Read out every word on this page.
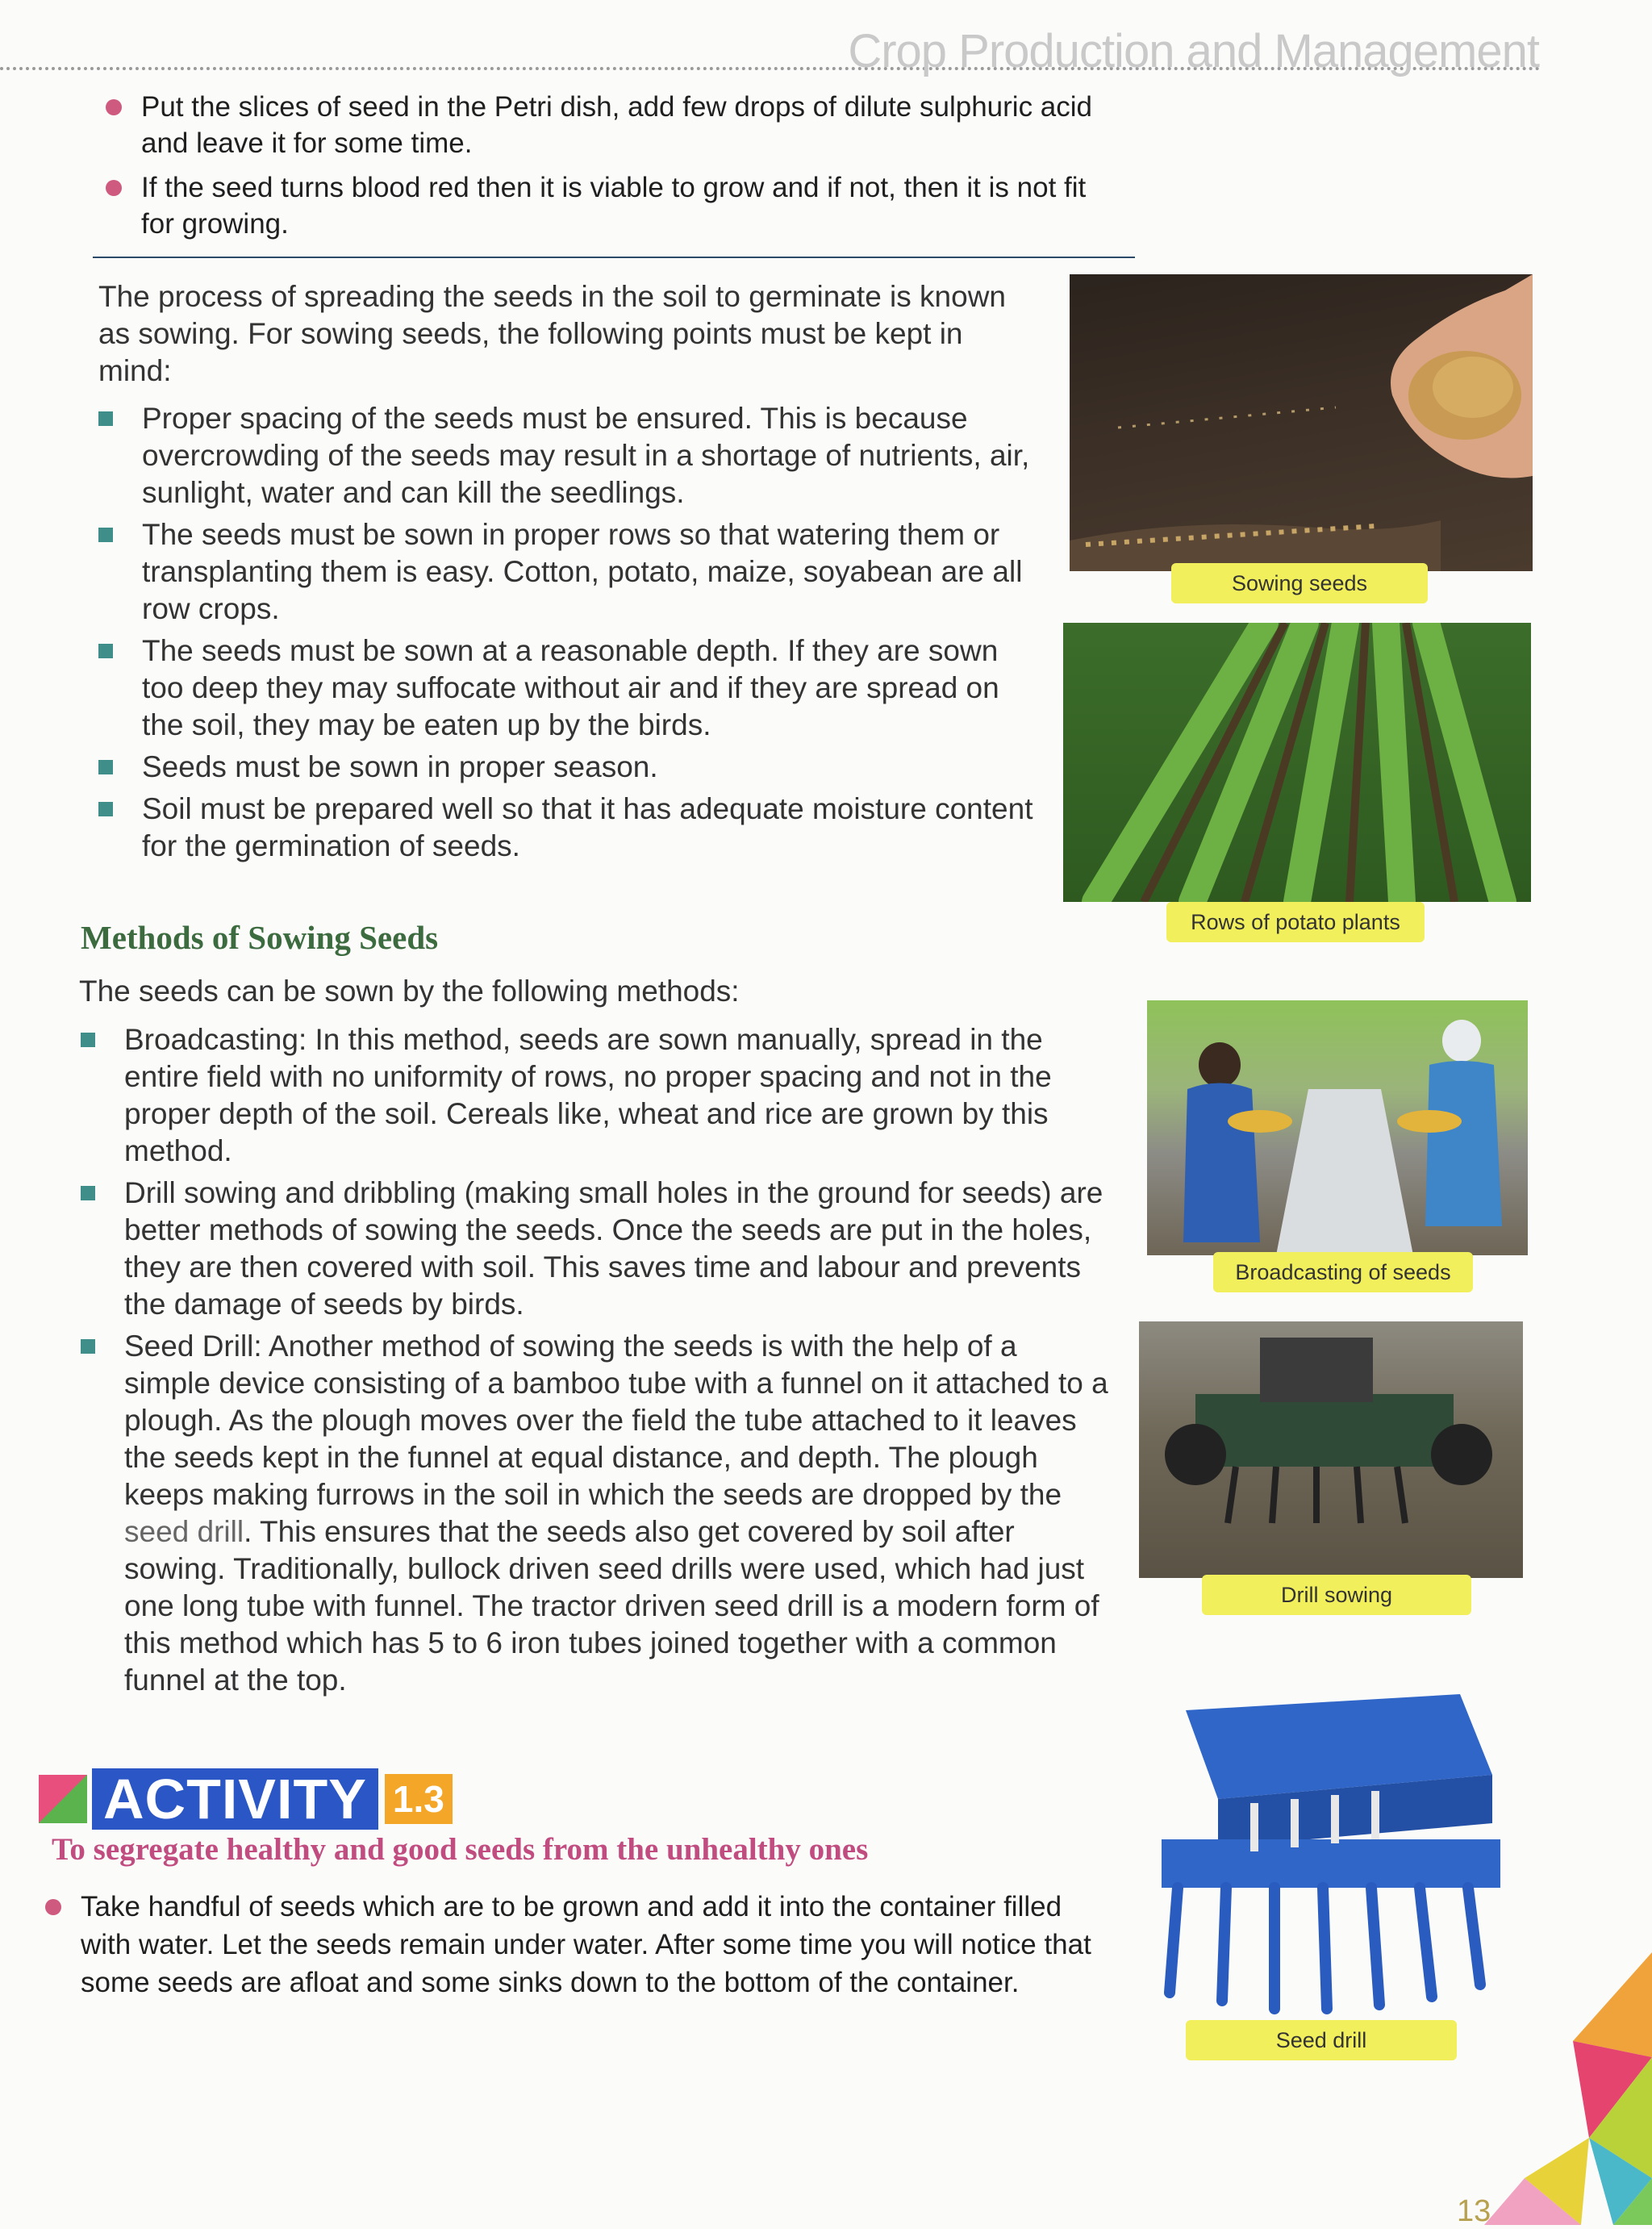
Crop Production and Management
Put the slices of seed in the Petri dish, add few drops of dilute sulphuric acid and leave it for some time.
If the seed turns blood red then it is viable to grow and if not, then it is not fit for growing.
The process of spreading the seeds in the soil to germinate is known as sowing. For sowing seeds, the following points must be kept in mind:
Proper spacing of the seeds must be ensured. This is because overcrowding of the seeds may result in a shortage of nutrients, air, sunlight, water and can kill the seedlings.
The seeds must be sown in proper rows so that watering them or transplanting them is easy. Cotton, potato, maize, soyabean are all row crops.
The seeds must be sown at a reasonable depth. If they are sown too deep they may suffocate without air and if they are spread on the soil, they may be eaten up by the birds.
Seeds must be sown in proper season.
Soil must be prepared well so that it has adequate moisture content for the germination of seeds.
Methods of Sowing Seeds
The seeds can be sown by the following methods:
Broadcasting: In this method, seeds are sown manually, spread in the entire field with no uniformity of rows, no proper spacing and not in the proper depth of the soil. Cereals like, wheat and rice are grown by this method.
Drill sowing and dribbling (making small holes in the ground for seeds) are better methods of sowing the seeds. Once the seeds are put in the holes, they are then covered with soil. This saves time and labour and prevents the damage of seeds by birds.
Seed Drill: Another method of sowing the seeds is with the help of a simple device consisting of a bamboo tube with a funnel on it attached to a plough. As the plough moves over the field the tube attached to it leaves the seeds kept in the funnel at equal distance, and depth. The plough keeps making furrows in the soil in which the seeds are dropped by the seed drill. This ensures that the seeds also get covered by soil after sowing. Traditionally, bullock driven seed drills were used, which had just one long tube with funnel. The tractor driven seed drill is a modern form of this method which has 5 to 6 iron tubes joined together with a common funnel at the top.
Sowing seeds
Rows of potato plants
Broadcasting of seeds
Drill sowing
Seed drill
ACTIVITY 1.3
To segregate healthy and good seeds from the unhealthy ones
Take handful of seeds which are to be grown and add it into the container filled with water. Let the seeds remain under water. After some time you will notice that some seeds are afloat and some sinks down to the bottom of the container.
13
